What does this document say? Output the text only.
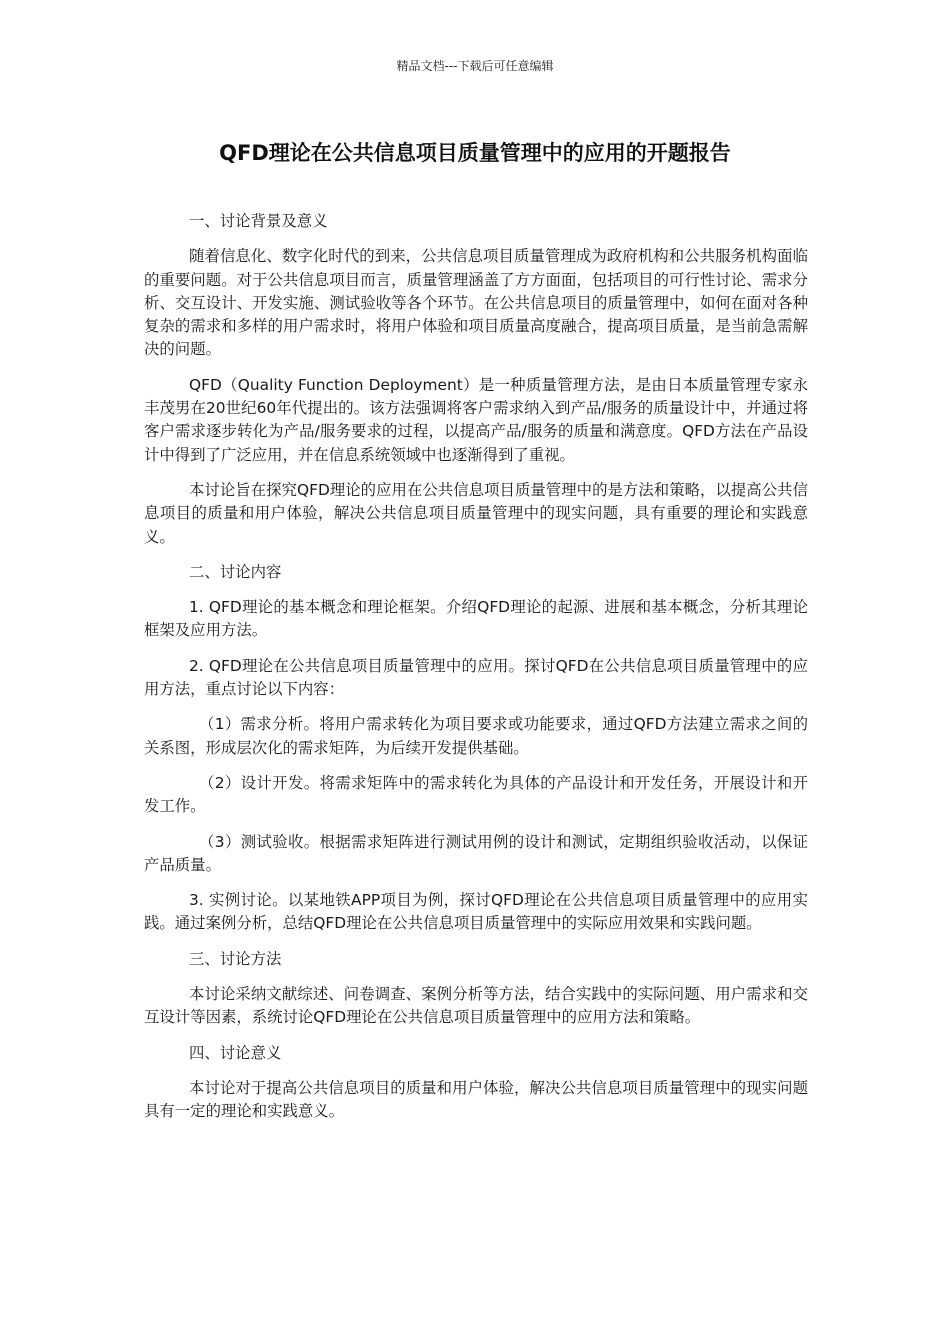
精品文档---下载后可任意编辑
QFD理论在公共信息项目质量管理中的应用的开题报告

一、讨论背景及意义

随着信息化、数字化时代的到来，公共信息项目质量管理成为政府机构和公共服务机构面临的重要问题。对于公共信息项目而言，质量管理涵盖了方方面面，包括项目的可行性讨论、需求分析、交互设计、开发实施、测试验收等各个环节。在公共信息项目的质量管理中，如何在面对各种复杂的需求和多样的用户需求时，将用户体验和项目质量高度融合，提高项目质量，是当前急需解决的问题。

QFD（Quality Function Deployment）是一种质量管理方法，是由日本质量管理专家永丰茂男在20世纪60年代提出的。该方法强调将客户需求纳入到产品/服务的质量设计中，并通过将客户需求逐步转化为产品/服务要求的过程，以提高产品/服务的质量和满意度。QFD方法在产品设计中得到了广泛应用，并在信息系统领域中也逐渐得到了重视。

本讨论旨在探究QFD理论的应用在公共信息项目质量管理中的是方法和策略，以提高公共信息项目的质量和用户体验，解决公共信息项目质量管理中的现实问题，具有重要的理论和实践意义。

二、讨论内容

1. QFD理论的基本概念和理论框架。介绍QFD理论的起源、进展和基本概念，分析其理论框架及应用方法。

2. QFD理论在公共信息项目质量管理中的应用。探讨QFD在公共信息项目质量管理中的应用方法，重点讨论以下内容：

（1）需求分析。将用户需求转化为项目要求或功能要求，通过QFD方法建立需求之间的关系图，形成层次化的需求矩阵，为后续开发提供基础。

（2）设计开发。将需求矩阵中的需求转化为具体的产品设计和开发任务，开展设计和开发工作。

（3）测试验收。根据需求矩阵进行测试用例的设计和测试，定期组织验收活动，以保证产品质量。

3. 实例讨论。以某地铁APP项目为例，探讨QFD理论在公共信息项目质量管理中的应用实践。通过案例分析，总结QFD理论在公共信息项目质量管理中的实际应用效果和实践问题。

三、讨论方法

本讨论采纳文献综述、问卷调查、案例分析等方法，结合实践中的实际问题、用户需求和交互设计等因素，系统讨论QFD理论在公共信息项目质量管理中的应用方法和策略。

四、讨论意义

本讨论对于提高公共信息项目的质量和用户体验，解决公共信息项目质量管理中的现实问题具有一定的理论和实践意义。
